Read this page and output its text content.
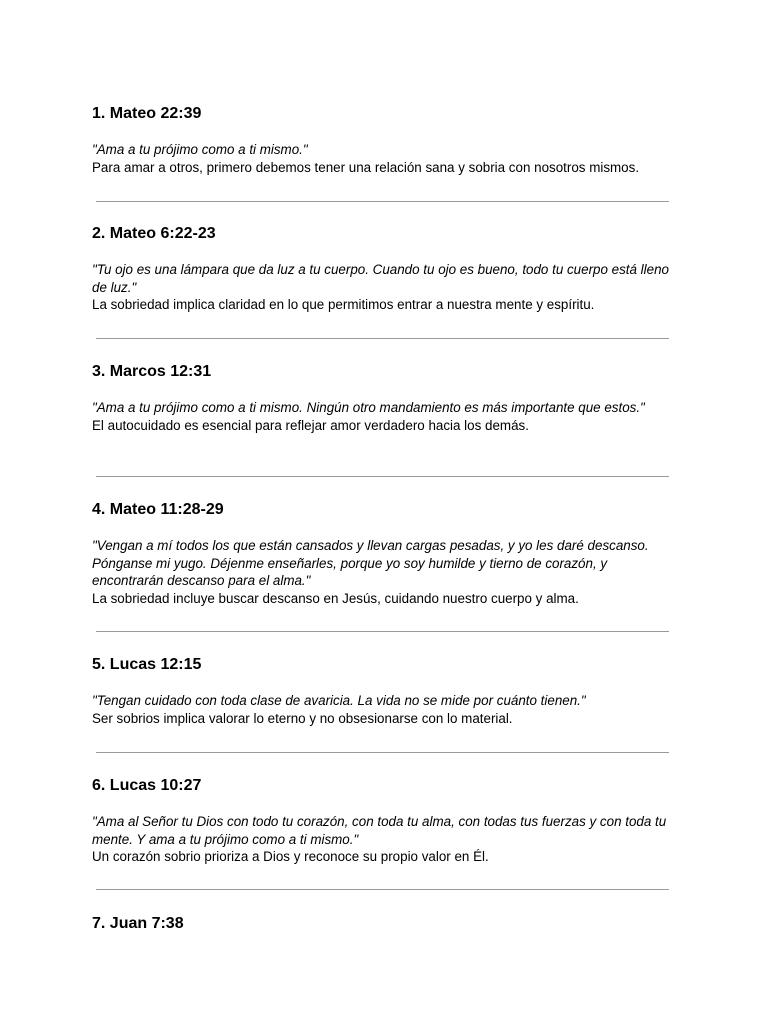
1. Mateo 22:39

"Ama a tu prójimo como a ti mismo."

Para amar a otros, primero debemos tener una relación sana y sobria con nosotros mismos.

2. Mateo 6:22-23

"Tu ojo es una lámpara que da luz a tu cuerpo. Cuando tu ojo es bueno, todo tu cuerpo está lleno de luz."

La sobriedad implica claridad en lo que permitimos entrar a nuestra mente y espíritu.

3. Marcos 12:31

"Ama a tu prójimo como a ti mismo. Ningún otro mandamiento es más importante que estos."

El autocuidado es esencial para reflejar amor verdadero hacia los demás.

4. Mateo 11:28-29

"Vengan a mí todos los que están cansados y llevan cargas pesadas, y yo les daré descanso. Pónganse mi yugo. Déjenme enseñarles, porque yo soy humilde y tierno de corazón, y encontrarán descanso para el alma."

La sobriedad incluye buscar descanso en Jesús, cuidando nuestro cuerpo y alma.

5. Lucas 12:15

"Tengan cuidado con toda clase de avaricia. La vida no se mide por cuánto tienen."

Ser sobrios implica valorar lo eterno y no obsesionarse con lo material.

6. Lucas 10:27

"Ama al Señor tu Dios con todo tu corazón, con toda tu alma, con todas tus fuerzas y con toda tu mente. Y ama a tu prójimo como a ti mismo."

Un corazón sobrio prioriza a Dios y reconoce su propio valor en Él.

7. Juan 7:38
